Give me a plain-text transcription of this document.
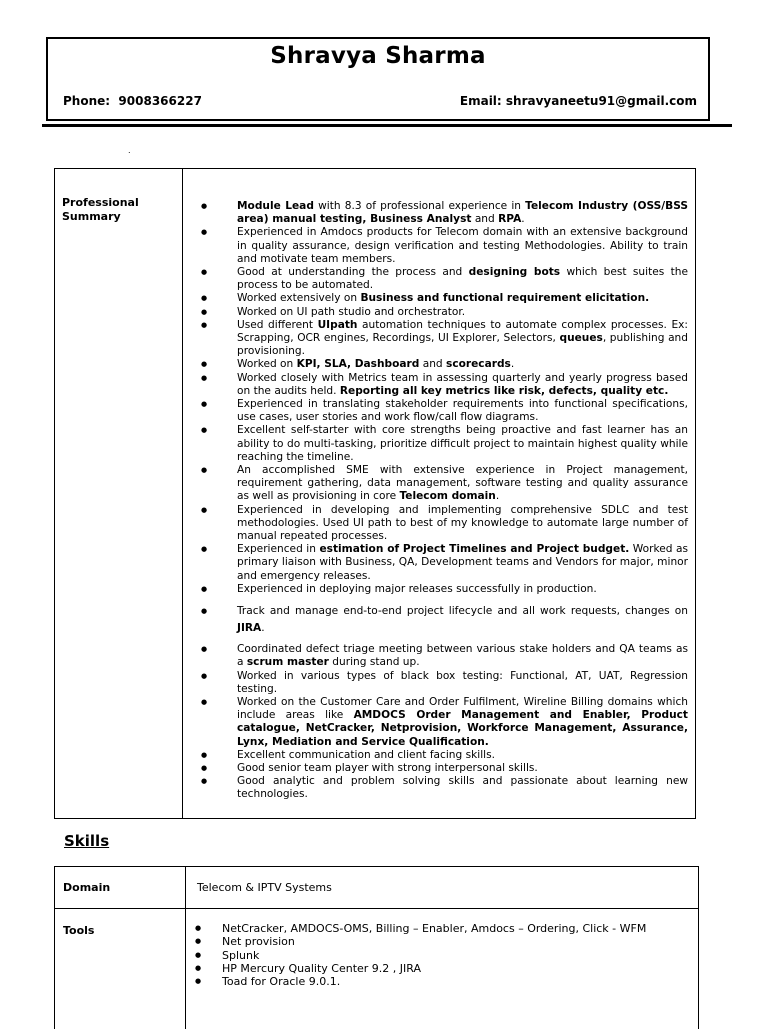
Shravya Sharma
Phone: 9008366227	Email: shravyaneetu91@gmail.com
.
Professional
Summary
● Module Lead with 8.3 of professional experience in Telecom Industry (OSS/BSS area) manual testing, Business Analyst and RPA.
● Experienced in Amdocs products for Telecom domain with an extensive background in quality assurance, design verification and testing Methodologies. Ability to train and motivate team members.
● Good at understanding the process and designing bots which best suites the process to be automated.
● Worked extensively on Business and functional requirement elicitation.
● Worked on UI path studio and orchestrator.
● Used different UIpath automation techniques to automate complex processes. Ex: Scrapping, OCR engines, Recordings, UI Explorer, Selectors, queues, publishing and provisioning.
● Worked on KPI, SLA, Dashboard and scorecards.
● Worked closely with Metrics team in assessing quarterly and yearly progress based on the audits held. Reporting all key metrics like risk, defects, quality etc.
● Experienced in translating stakeholder requirements into functional specifications, use cases, user stories and work flow/call flow diagrams.
● Excellent self-starter with core strengths being proactive and fast learner has an ability to do multi-tasking, prioritize difficult project to maintain highest quality while reaching the timeline.
● An accomplished SME with extensive experience in Project management, requirement gathering, data management, software testing and quality assurance as well as provisioning in core Telecom domain.
● Experienced in developing and implementing comprehensive SDLC and test methodologies. Used UI path to best of my knowledge to automate large number of manual repeated processes.
● Experienced in estimation of Project Timelines and Project budget. Worked as primary liaison with Business, QA, Development teams and Vendors for major, minor and emergency releases.
● Experienced in deploying major releases successfully in production.
● Track and manage end-to-end project lifecycle and all work requests, changes on JIRA.
● Coordinated defect triage meeting between various stake holders and QA teams as a scrum master during stand up.
● Worked in various types of black box testing: Functional, AT, UAT, Regression testing.
● Worked on the Customer Care and Order Fulfilment, Wireline Billing domains which include areas like AMDOCS Order Management and Enabler, Product catalogue, NetCracker, Netprovision, Workforce Management, Assurance, Lynx, Mediation and Service Qualification.
● Excellent communication and client facing skills.
● Good senior team player with strong interpersonal skills.
● Good analytic and problem solving skills and passionate about learning new technologies.
Skills
Domain	Telecom & IPTV Systems
Tools
●	NetCracker, AMDOCS-OMS, Billing – Enabler, Amdocs – Ordering, Click - WFM
● Net provision
● Splunk
● HP Mercury Quality Center 9.2 , JIRA
● Toad for Oracle 9.0.1.
